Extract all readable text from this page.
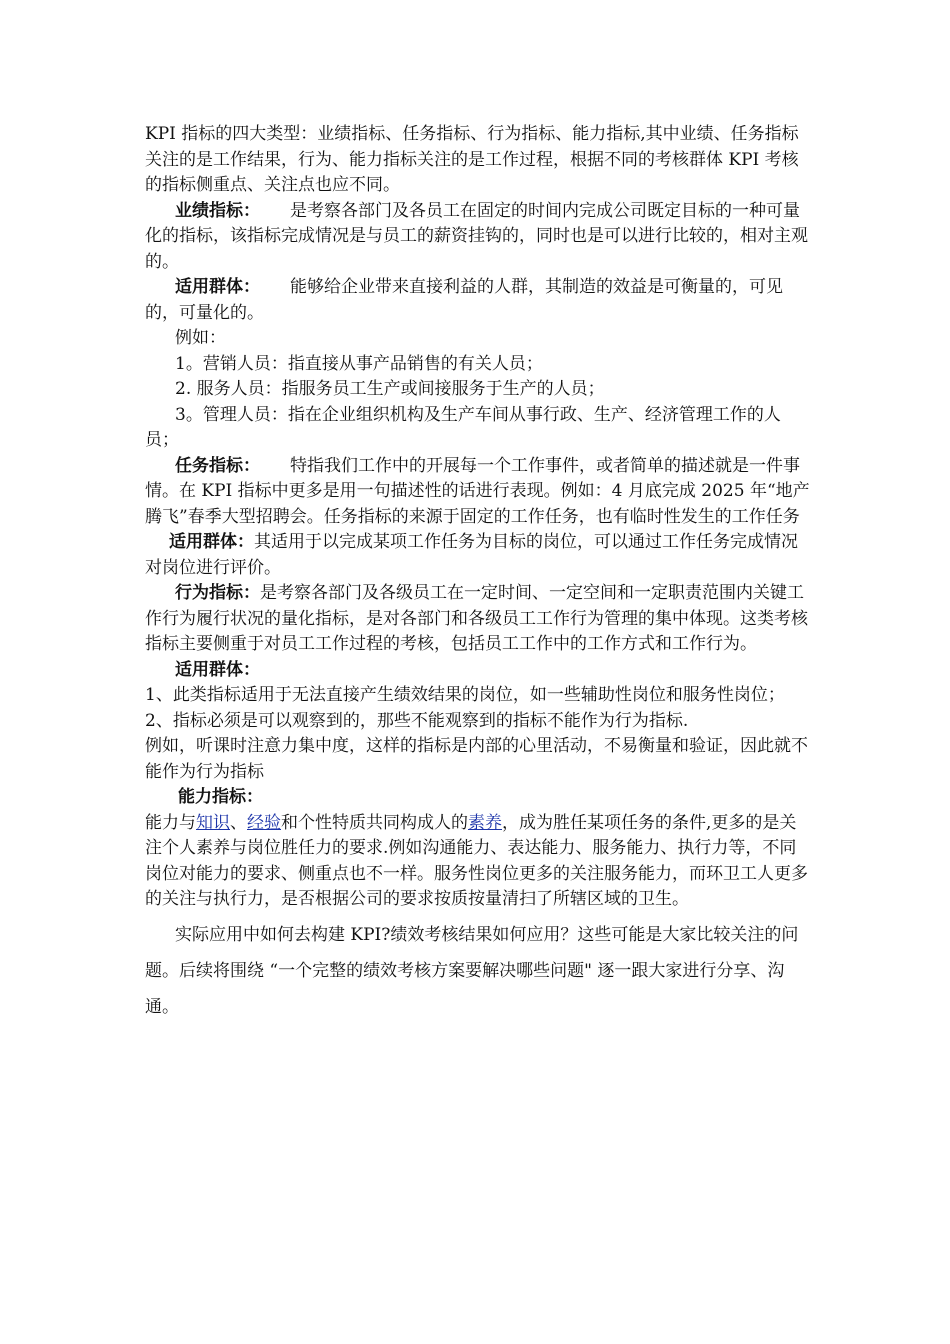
KPI 指标的四大类型：业绩指标、任务指标、行为指标、能力指标,其中业绩、任务指标关注的是工作结果，行为、能力指标关注的是工作过程，根据不同的考核群体 KPI 考核的指标侧重点、关注点也应不同。

业绩指标： 是考察各部门及各员工在固定的时间内完成公司既定目标的一种可量化的指标，该指标完成情况是与员工的薪资挂钩的，同时也是可以进行比较的，相对主观的。

适用群体： 能够给企业带来直接利益的人群，其制造的效益是可衡量的，可见的，可量化的。

例如：

1。营销人员：指直接从事产品销售的有关人员；

2. 服务人员：指服务员工生产或间接服务于生产的人员；

3。管理人员：指在企业组织机构及生产车间从事行政、生产、经济管理工作的人员；

任务指标： 特指我们工作中的开展每一个工作事件，或者简单的描述就是一件事情。在 KPI 指标中更多是用一句描述性的话进行表现。例如：4 月底完成 2025 年“地产腾飞”春季大型招聘会。任务指标的来源于固定的工作任务，也有临时性发生的工作任务

适用群体：其适用于以完成某项工作任务为目标的岗位，可以通过工作任务完成情况对岗位进行评价。

行为指标：是考察各部门及各级员工在一定时间、一定空间和一定职责范围内关键工作行为履行状况的量化指标，是对各部门和各级员工工作行为管理的集中体现。这类考核指标主要侧重于对员工工作过程的考核，包括员工工作中的工作方式和工作行为。

适用群体：

1、此类指标适用于无法直接产生绩效结果的岗位，如一些辅助性岗位和服务性岗位；

2、指标必须是可以观察到的，那些不能观察到的指标不能作为行为指标.

例如，听课时注意力集中度，这样的指标是内部的心里活动，不易衡量和验证，因此就不能作为行为指标

能力指标：

能力与知识、经验和个性特质共同构成人的素养，成为胜任某项任务的条件,更多的是关注个人素养与岗位胜任力的要求.例如沟通能力、表达能力、服务能力、执行力等，不同岗位对能力的要求、侧重点也不一样。服务性岗位更多的关注服务能力，而环卫工人更多的关注与执行力，是否根据公司的要求按质按量清扫了所辖区域的卫生。

实际应用中如何去构建 KPI?绩效考核结果如何应用？这些可能是大家比较关注的问题。后续将围绕 “一个完整的绩效考核方案要解决哪些问题" 逐一跟大家进行分享、沟通。
